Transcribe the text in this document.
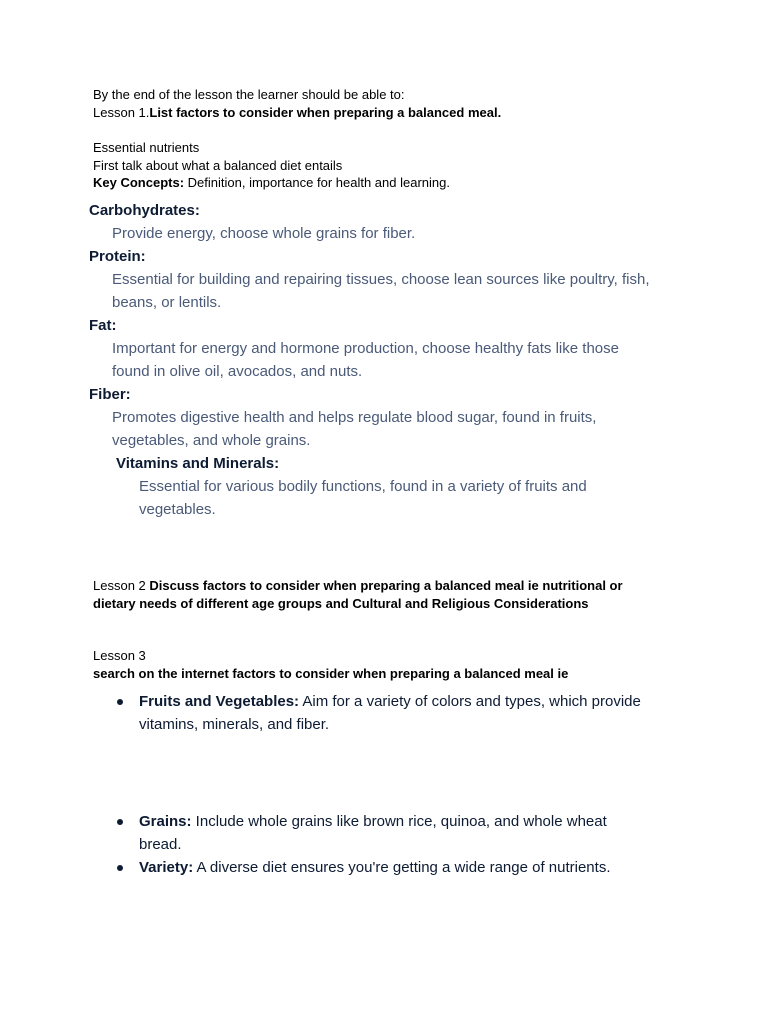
By the end of the lesson the learner should be able to:
Lesson 1.List factors to consider when preparing a balanced meal.
Essential nutrients
First talk about what a balanced diet entails
Key Concepts: Definition, importance for health and learning.
Carbohydrates:
Provide energy, choose whole grains for fiber.
Protein:
Essential for building and repairing tissues, choose lean sources like poultry, fish,
beans, or lentils.
Fat:
Important for energy and hormone production, choose healthy fats like those
found in olive oil, avocados, and nuts.
Fiber:
Promotes digestive health and helps regulate blood sugar, found in fruits,
vegetables, and whole grains.
Vitamins and Minerals:
Essential for various bodily functions, found in a variety of fruits and
vegetables.
Lesson 2 Discuss factors to consider when preparing a balanced meal ie nutritional or
dietary needs of different age groups and Cultural and Religious Considerations
Lesson 3
search on the internet factors to consider when preparing a balanced meal ie
Fruits and Vegetables: Aim for a variety of colors and types, which provide
vitamins, minerals, and fiber.
Grains: Include whole grains like brown rice, quinoa, and whole wheat
bread.
Variety: A diverse diet ensures you're getting a wide range of nutrients.
